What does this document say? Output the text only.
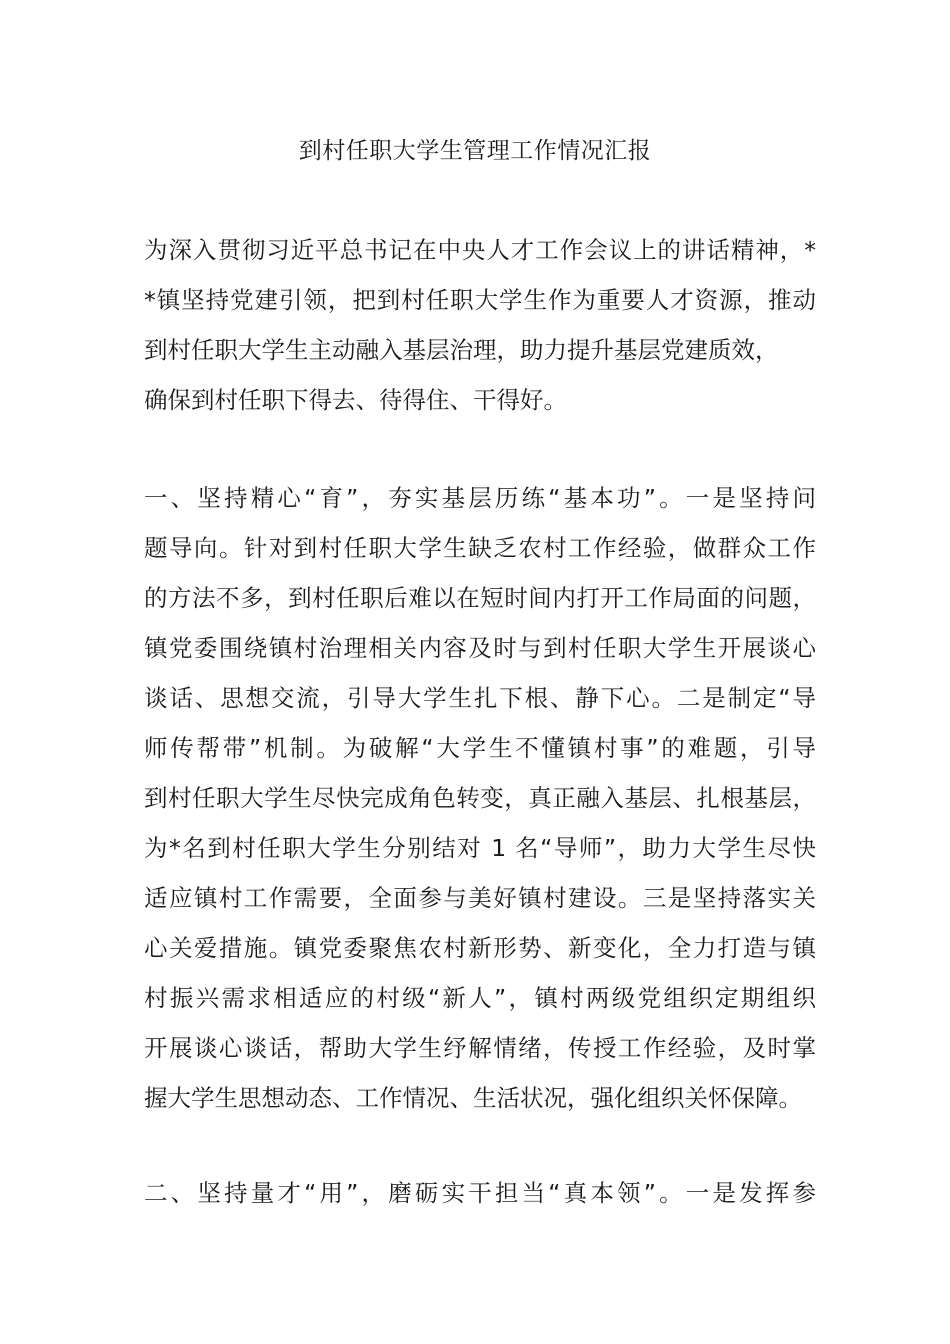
到村任职大学生管理工作情况汇报
为深入贯彻习近平总书记在中央人才工作会议上的讲话精神，*
*镇坚持党建引领，把到村任职大学生作为重要人才资源，推动
到村任职大学生主动融入基层治理，助力提升基层党建质效，
确保到村任职下得去、待得住、干得好。
一、坚持精心“育”，夯实基层历练“基本功”。一是坚持问
题导向。针对到村任职大学生缺乏农村工作经验，做群众工作
的方法不多，到村任职后难以在短时间内打开工作局面的问题，
镇党委围绕镇村治理相关内容及时与到村任职大学生开展谈心
谈话、思想交流，引导大学生扎下根、静下心。二是制定“导
师传帮带”机制。为破解“大学生不懂镇村事”的难题，引导
到村任职大学生尽快完成角色转变，真正融入基层、扎根基层，
为*名到村任职大学生分别结对 1 名“导师”，助力大学生尽快
适应镇村工作需要，全面参与美好镇村建设。三是坚持落实关
心关爱措施。镇党委聚焦农村新形势、新变化，全力打造与镇
村振兴需求相适应的村级“新人”，镇村两级党组织定期组织
开展谈心谈话，帮助大学生纾解情绪，传授工作经验，及时掌
握大学生思想动态、工作情况、生活状况，强化组织关怀保障。
二、坚持量才“用”，磨砺实干担当“真本领”。一是发挥参
